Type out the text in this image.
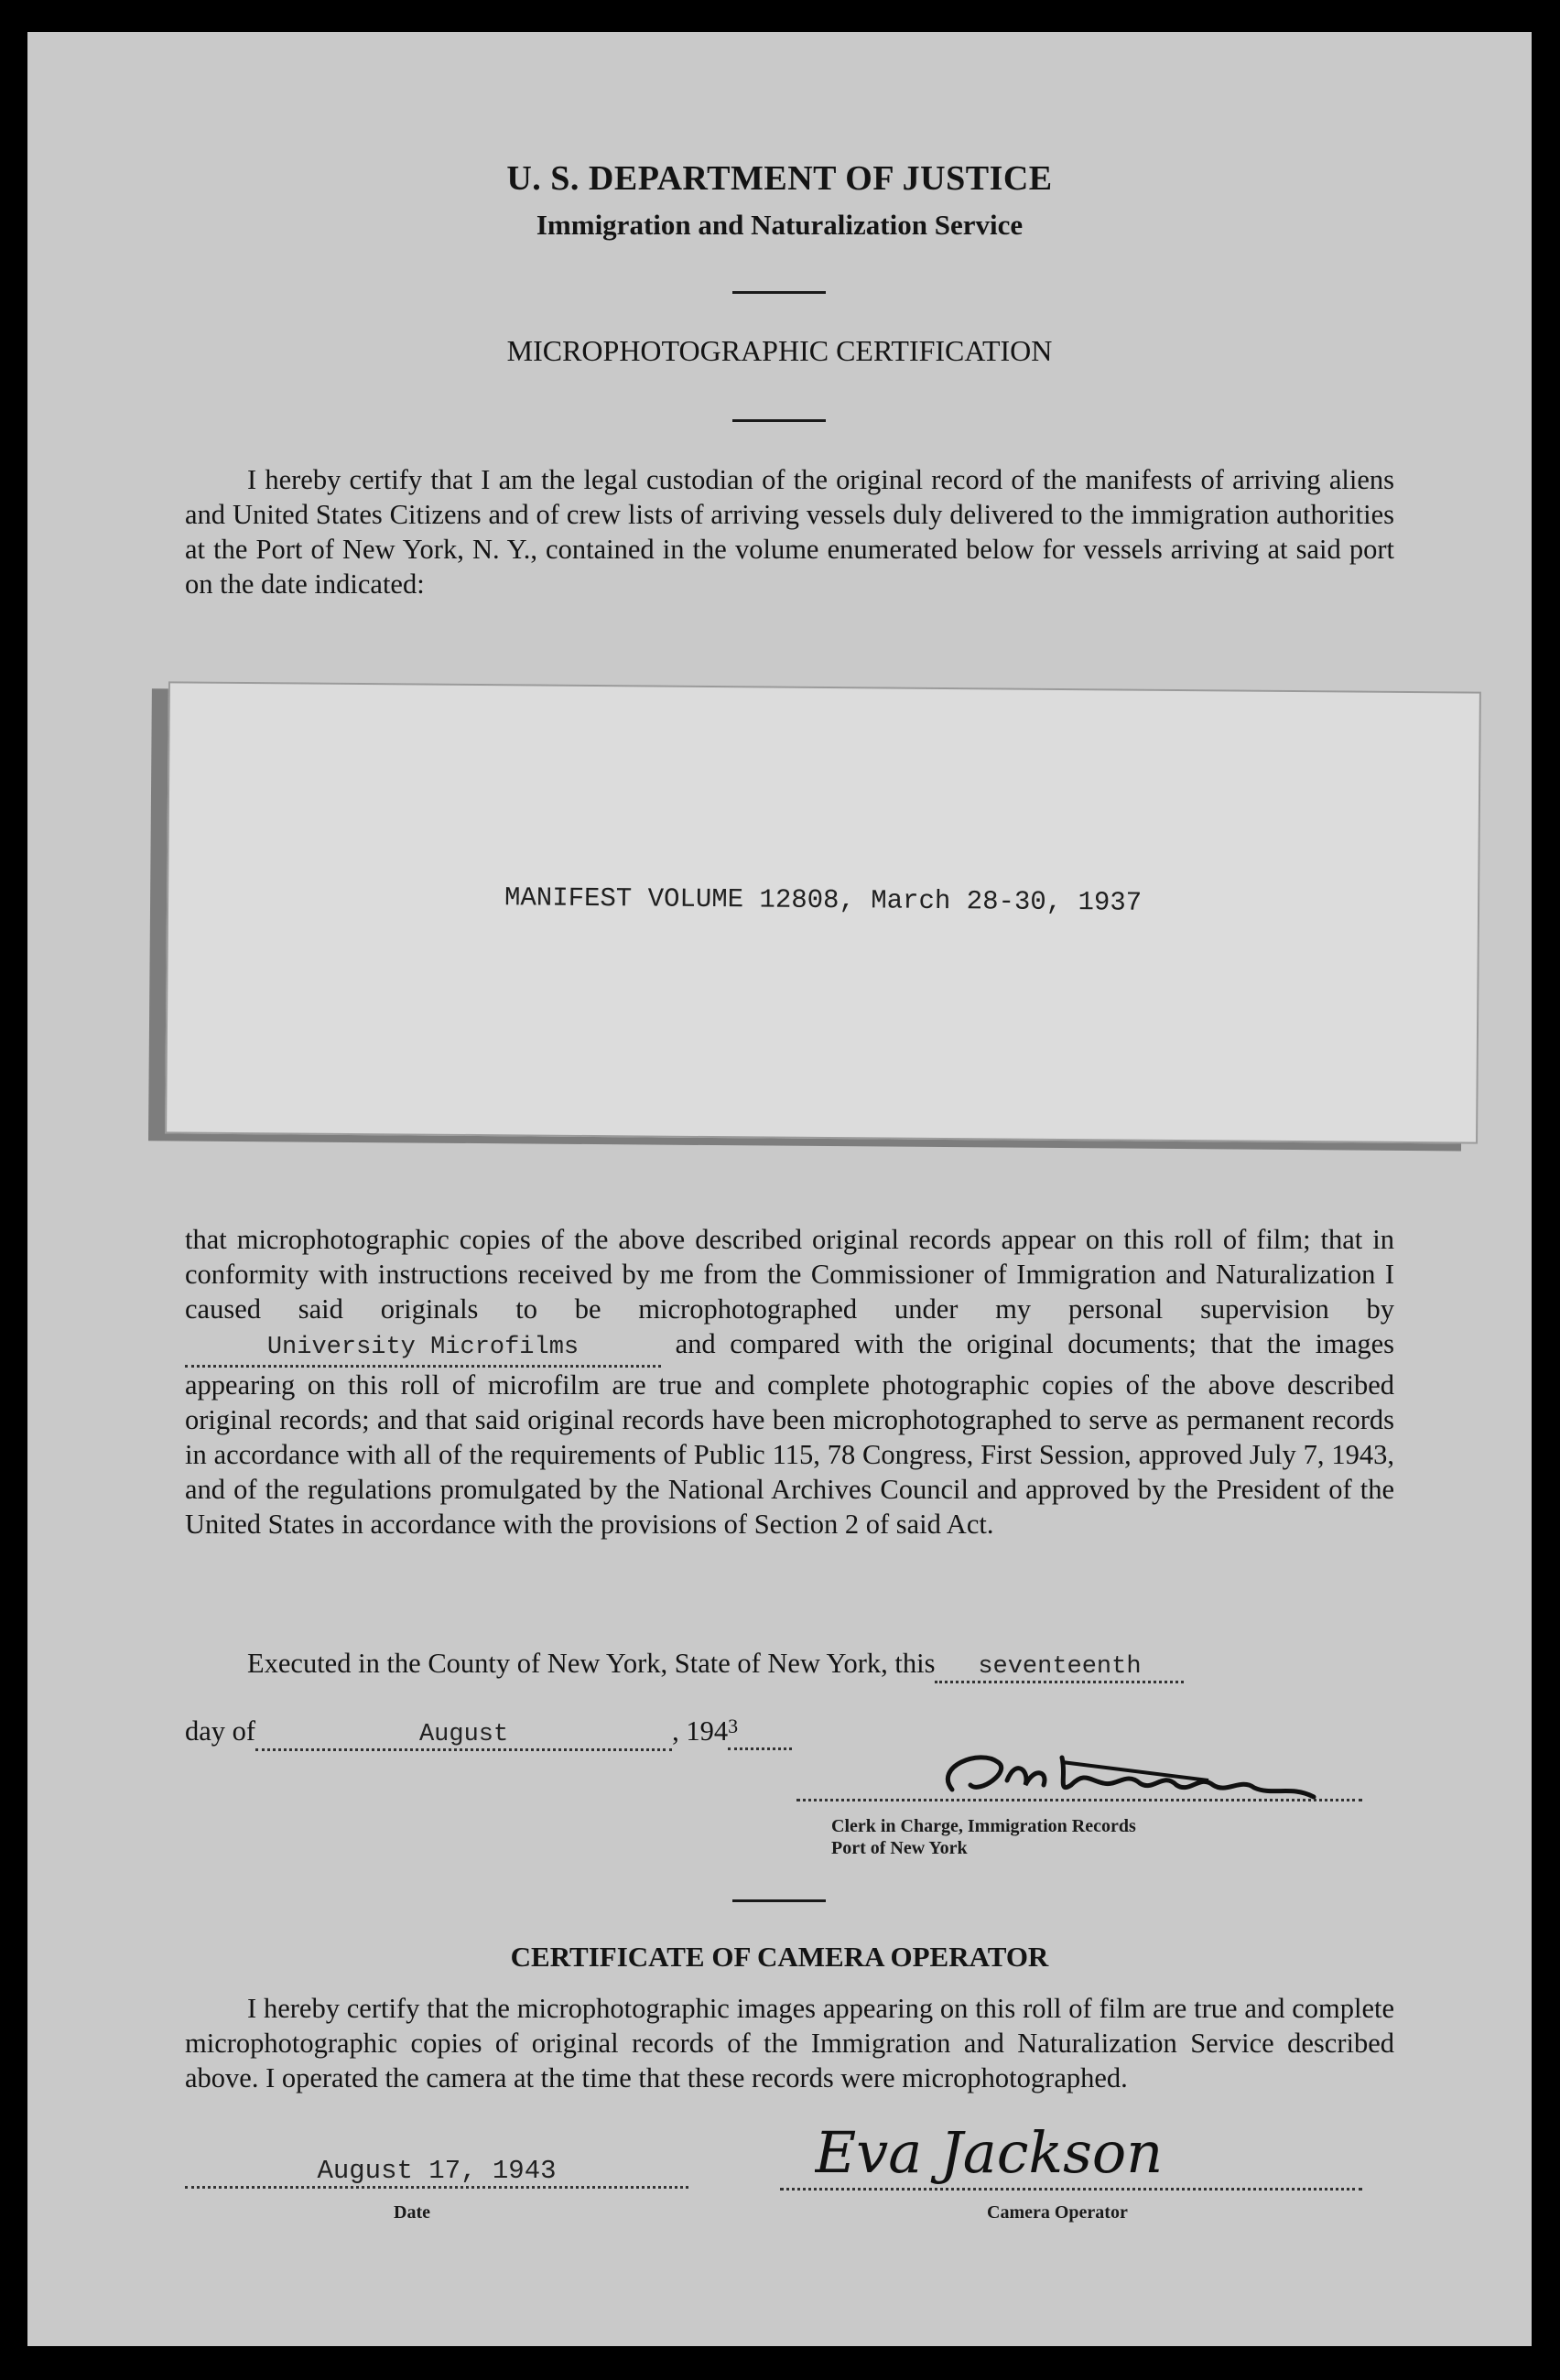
U. S. DEPARTMENT OF JUSTICE
Immigration and Naturalization Service
MICROPHOTOGRAPHIC CERTIFICATION
I hereby certify that I am the legal custodian of the original record of the manifests of arriving aliens and United States Citizens and of crew lists of arriving vessels duly delivered to the immigration authorities at the Port of New York, N. Y., contained in the volume enumerated below for vessels arriving at said port on the date indicated:
MANIFEST VOLUME 12808, March 28-30, 1937
that microphotographic copies of the above described original records appear on this roll of film; that in conformity with instructions received by me from the Commissioner of Immigration and Naturalization I caused said originals to be microphotographed under my personal supervision by University Microfilms	and compared with the original documents; that the images appearing on this roll of microfilm are true and complete photographic copies of the above described original records; and that said original records have been microphotographed to serve as permanent records in accordance with all of the requirements of Public 115, 78 Congress, First Session, approved July 7, 1943, and of the regulations promulgated by the National Archives Council and approved by the President of the United States in accordance with the provisions of Section 2 of said Act.
Executed in the County of New York, State of New York, this seventeenth
day of	August	, $194^3$
Clerk in Charge, Immigration Records
Port of New York
CERTIFICATE OF CAMERA OPERATOR
I hereby certify that the microphotographic images appearing on this roll of film are true and complete microphotographic copies of original records of the Immigration and Naturalization Service described above. I operated the camera at the time that these records were microphotographed.
August 17, 1943
Date
Eva Jackson
Camera Operator
